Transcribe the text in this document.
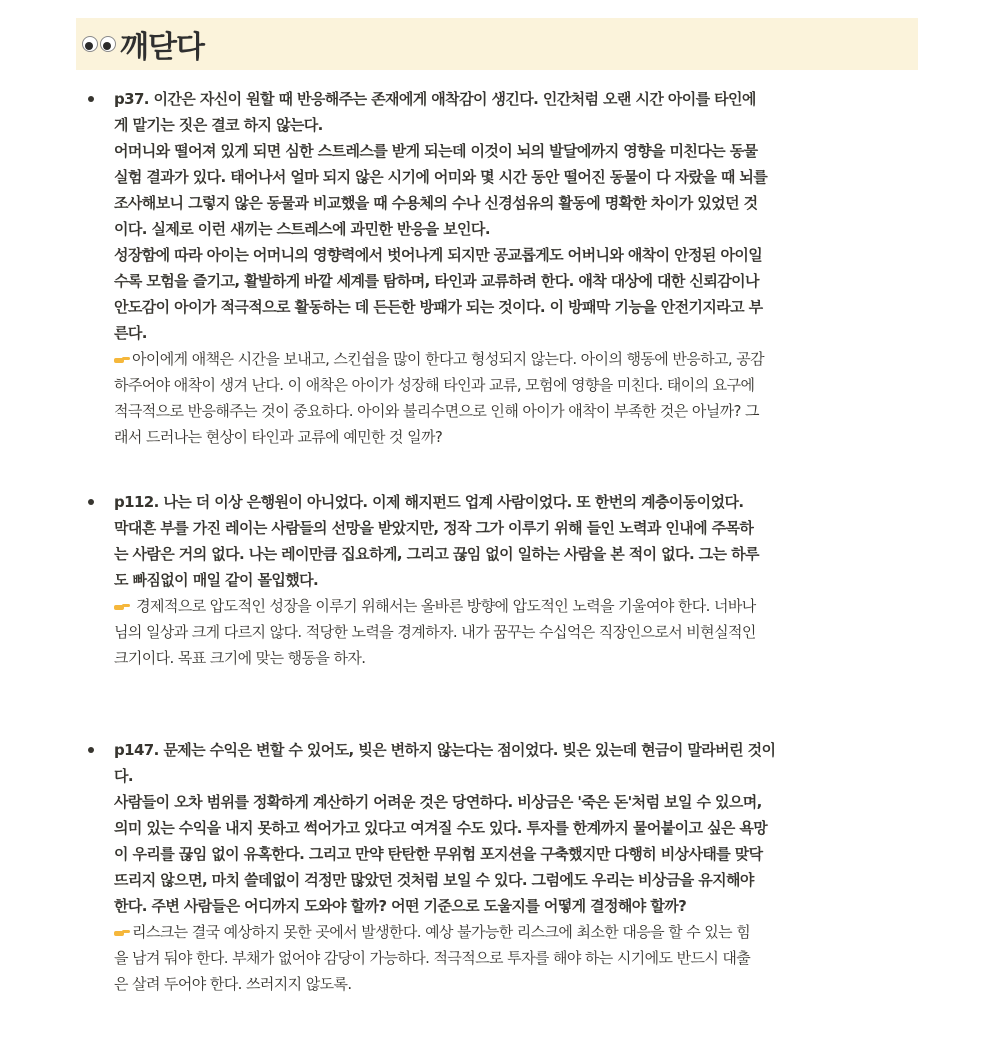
깨닫다
p37. 이간은 자신이 원할 때 반응해주는 존재에게 애착감이 생긴다. 인간처럼 오랜 시간 아이를 타인에
게 맡기는 짓은 결코 하지 않는다.
어머니와 떨어져 있게 되면 심한 스트레스를 받게 되는데 이것이 뇌의 발달에까지 영향을 미친다는 동물
실험 결과가 있다. 태어나서 얼마 되지 않은 시기에 어미와 몇 시간 동안 떨어진 동물이 다 자랐을 때 뇌를
조사해보니 그렇지 않은 동물과 비교했을 때 수용체의 수나 신경섬유의 활동에 명확한 차이가 있었던 것
이다. 실제로 이런 새끼는 스트레스에 과민한 반응을 보인다.
성장함에 따라 아이는 어머니의 영향력에서 벗어나게 되지만 공교롭게도 어버니와 애착이 안정된 아이일
수록 모험을 즐기고, 활발하게 바깥 세계를 탐하며, 타인과 교류하려 한다. 애착 대상에 대한 신뢰감이나
안도감이 아이가 적극적으로 활동하는 데 든든한 방패가 되는 것이다. 이 방패막 기능을 안전기지라고 부
른다.
아이에게 애책은 시간을 보내고, 스킨쉽을 많이 한다고 형성되지 않는다. 아이의 행동에 반응하고, 공감
하주어야 애착이 생겨 난다. 이 애착은 아이가 성장해 타인과 교류, 모험에 영향을 미친다. 태이의 요구에
적극적으로 반응해주는 것이 중요하다. 아이와 불리수면으로 인해 아이가 애착이 부족한 것은 아닐까? 그
래서 드러나는 현상이 타인과 교류에 예민한 것 일까?
p112. 나는 더 이상 은행원이 아니었다. 이제 해지펀드 업계 사람이었다. 또 한번의 계층이동이었다.
막대흔 부를 가진 레이는 사람들의 선망을 받았지만, 정작 그가 이루기 위해 들인 노력과 인내에 주목하
는 사람은 거의 없다. 나는 레이만큼 집요하게, 그리고 끊임 없이 일하는 사람을 본 적이 없다. 그는 하루
도 빠짐없이 매일 같이 몰입했다.
경제적으로 압도적인 성장을 이루기 위해서는 올바른 방향에 압도적인 노력을 기울여야 한다. 너바나
님의 일상과 크게 다르지 않다. 적당한 노력을 경계하자. 내가 꿈꾸는 수십억은 직장인으로서 비현실적인
크기이다. 목표 크기에 맞는 행동을 하자.
p147. 문제는 수익은 변할 수 있어도, 빚은 변하지 않는다는 점이었다. 빚은 있는데 현금이 말라버린 것이
다.
사람들이 오차 범위를 정확하게 계산하기 어려운 것은 당연하다. 비상금은 '죽은 돈'처럼 보일 수 있으며,
의미 있는 수익을 내지 못하고 썩어가고 있다고 여겨질 수도 있다. 투자를 한계까지 물어붙이고 싶은 욕망
이 우리를 끊임 없이 유혹한다. 그리고 만약 탄탄한 무위험 포지션을 구축했지만 다행히 비상사태를 맞닥
뜨리지 않으면, 마치 쓸데없이 걱정만 많았던 것처럼 보일 수 있다. 그럼에도 우리는 비상금을 유지해야
한다. 주변 사람들은 어디까지 도와야 할까? 어떤 기준으로 도울지를 어떻게 결정해야 할까?
리스크는 결국 예상하지 못한 곳에서 발생한다. 예상 불가능한 리스크에 최소한 대응을 할 수 있는 힘
을 남겨 둬야 한다. 부채가 없어야 감당이 가능하다. 적극적으로 투자를 해야 하는 시기에도 반드시 대출
은 살려 두어야 한다. 쓰러지지 않도록.
